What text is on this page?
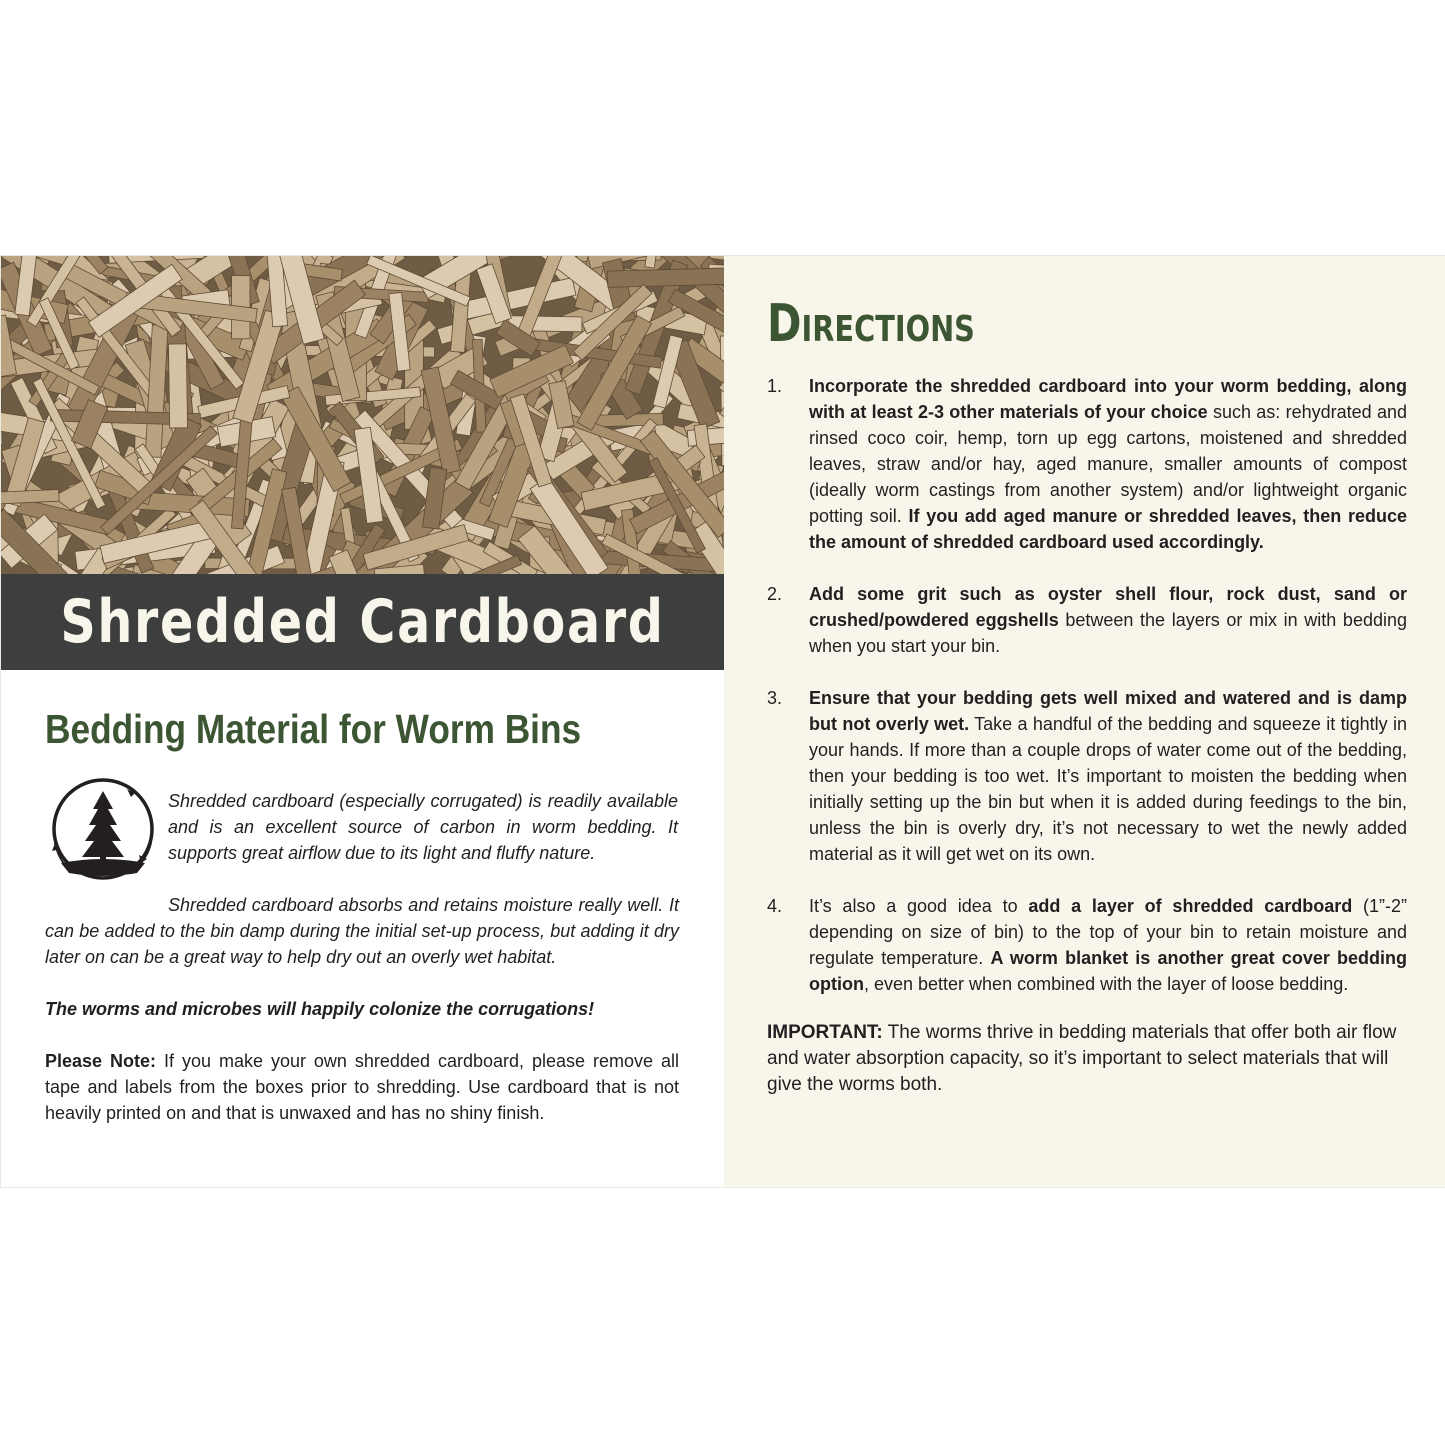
Shredded Cardboard
Bedding Material for Worm Bins

Shredded cardboard (especially corrugated) is readily available and is an excellent source of carbon in worm bedding. It supports great airflow due to its light and fluffy nature.

Shredded cardboard absorbs and retains moisture really well. It can be added to the bin damp during the initial set-up process, but adding it dry later on can be a great way to help dry out an overly wet habitat.

The worms and microbes will happily colonize the corrugations!

Please Note: If you make your own shredded cardboard, please remove all tape and labels from the boxes prior to shredding. Use cardboard that is not heavily printed on and that is unwaxed and has no shiny finish.

Directions
1. Incorporate the shredded cardboard into your worm bedding, along with at least 2-3 other materials of your choice such as: rehydrated and rinsed coco coir, hemp, torn up egg cartons, moistened and shredded leaves, straw and/or hay, aged manure, smaller amounts of compost (ideally worm castings from another system) and/or lightweight organic potting soil. If you add aged manure or shredded leaves, then reduce the amount of shredded cardboard used accordingly.

2. Add some grit such as oyster shell flour, rock dust, sand or crushed/powdered eggshells between the layers or mix in with bedding when you start your bin.

3. Ensure that your bedding gets well mixed and watered and is damp but not overly wet. Take a handful of the bedding and squeeze it tightly in your hands. If more than a couple drops of water come out of the bedding, then your bedding is too wet. It’s important to moisten the bedding when initially setting up the bin but when it is added during feedings to the bin, unless the bin is overly dry, it’s not necessary to wet the newly added material as it will get wet on its own.

4. It’s also a good idea to add a layer of shredded cardboard (1”-2” depending on size of bin) to the top of your bin to retain moisture and regulate temperature. A worm blanket is another great cover bedding option, even better when combined with the layer of loose bedding.

IMPORTANT: The worms thrive in bedding materials that offer both air flow and water absorption capacity, so it’s important to select materials that will give the worms both.
